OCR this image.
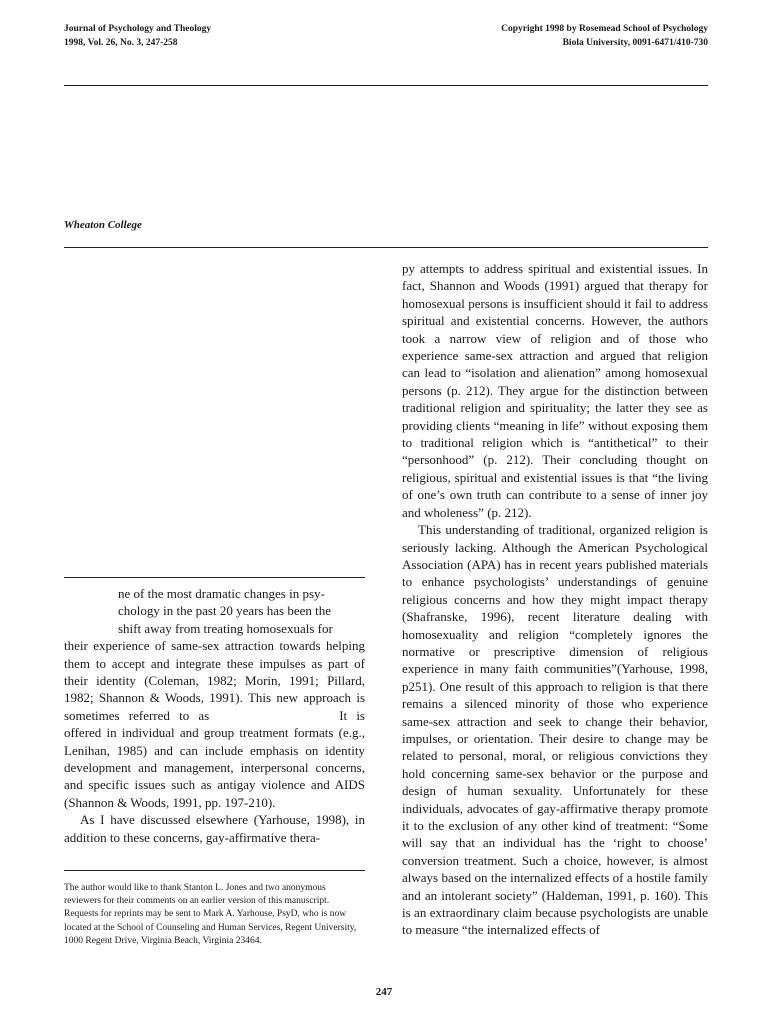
Journal of Psychology and Theology
1998, Vol. 26, No. 3, 247-258
Copyright 1998 by Rosemead School of Psychology
Biola University, 0091-6471/410-730
Wheaton College

py attempts to address spiritual and existential issues. In fact, Shannon and Woods (1991) argued that therapy for homosexual persons is insufficient should it fail to address spiritual and existential concerns. However, the authors took a narrow view of religion and of those who experience same-sex attraction and argued that religion can lead to “isolation and alienation” among homosexual persons (p. 212). They argue for the distinction between traditional religion and spirituality; the latter they see as providing clients “meaning in life” without exposing them to traditional religion which is “antithetical” to their “personhood” (p. 212). Their concluding thought on religious, spiritual and existential issues is that “the living of one’s own truth can contribute to a sense of inner joy and wholeness” (p. 212).

This understanding of traditional, organized religion is seriously lacking. Although the American Psychological Association (APA) has in recent years published materials to enhance psychologists’ understandings of genuine religious concerns and how they might impact therapy (Shafranske, 1996), recent literature dealing with homosexuality and religion “completely ignores the normative or prescriptive dimension of religious experience in many faith communities”(Yarhouse, 1998, p251). One result of this approach to religion is that there remains a silenced minority of those who experience same-sex attraction and seek to change their behavior, impulses, or orientation. Their desire to change may be related to personal, moral, or religious convictions they hold concerning same-sex behavior or the purpose and design of human sexuality. Unfortunately for these individuals, advocates of gay-affirmative therapy promote it to the exclusion of any other kind of treatment: “Some will say that an individual has the ‘right to choose’ conversion treatment. Such a choice, however, is almost always based on the internalized effects of a hostile family and an intolerant society” (Haldeman, 1991, p. 160). This is an extraordinary claim because psychologists are unable to measure “the internalized effects of

ne of the most dramatic changes in psy-
chology in the past 20 years has been the
shift away from treating homosexuals for

their experience of same-sex attraction towards helping them to accept and integrate these impulses as part of their identity (Coleman, 1982; Morin, 1991; Pillard, 1982; Shannon & Woods, 1991). This new approach is sometimes referred to as	It is offered in individual and group treatment formats (e.g., Lenihan, 1985) and can include emphasis on identity development and management, interpersonal concerns, and specific issues such as antigay violence and AIDS (Shannon & Woods, 1991, pp. 197-210).

As I have discussed elsewhere (Yarhouse, 1998), in addition to these concerns, gay-affirmative thera-

The author would like to thank Stanton L. Jones and two anonymous reviewers for their comments on an earlier version of this manuscript. Requests for reprints may be sent to Mark A. Yarhouse, PsyD, who is now located at the School of Counseling and Human Services, Regent University, 1000 Regent Drive, Virginia Beach, Virginia 23464.
247
